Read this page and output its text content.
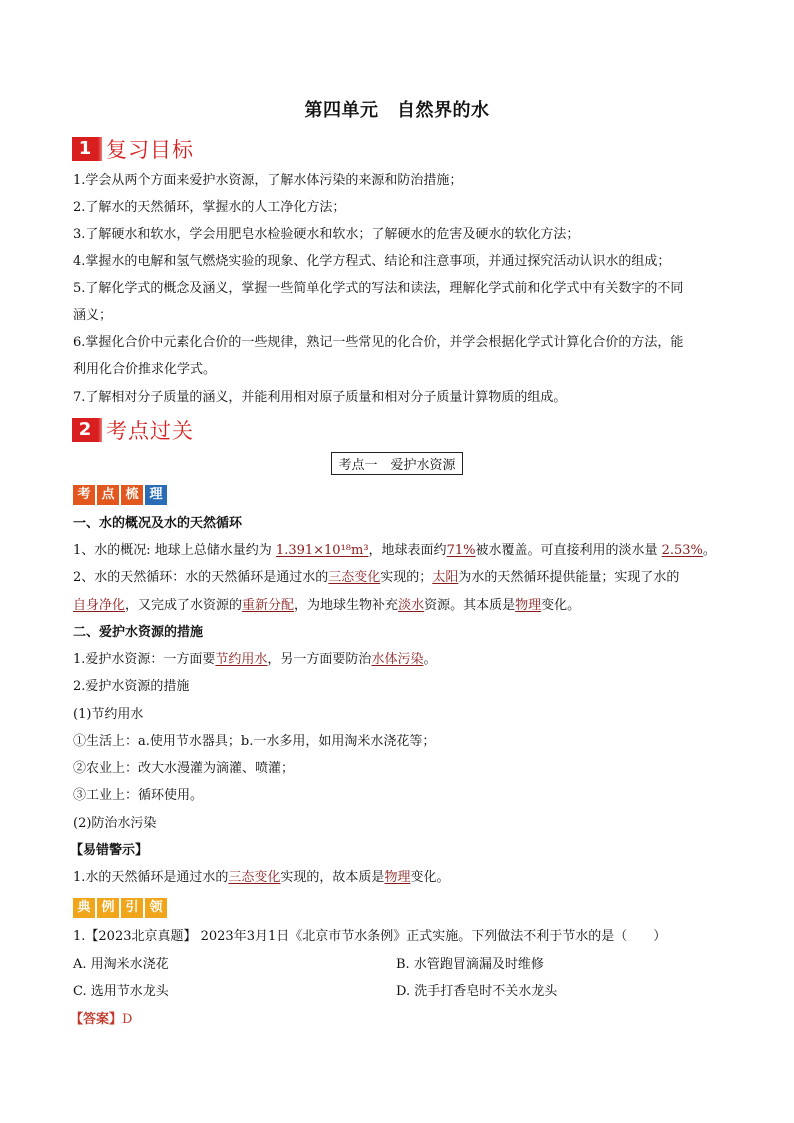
第四单元　自然界的水
1 复习目标
1.学会从两个方面来爱护水资源，了解水体污染的来源和防治措施；
2.了解水的天然循环，掌握水的人工净化方法；
3.了解硬水和软水，学会用肥皂水检验硬水和软水；了解硬水的危害及硬水的软化方法；
4.掌握水的电解和氢气燃烧实验的现象、化学方程式、结论和注意事项，并通过探究活动认识水的组成；
5.了解化学式的概念及涵义，掌握一些简单化学式的写法和读法，理解化学式前和化学式中有关数字的不同
涵义；
6.掌握化合价中元素化合价的一些规律，熟记一些常见的化合价，并学会根据化学式计算化合价的方法，能
利用化合价推求化学式。
7.了解相对分子质量的涵义，并能利用相对原子质量和相对分子质量计算物质的组成。
2 考点过关
考点一　爱护水资源
考 点 梳 理
一、水的概况及水的天然循环
1、水的概况: 地球上总储水量约为 1.391×10¹⁸m³，地球表面约71%被水覆盖。可直接利用的淡水量 2.53%。
2、水的天然循环：水的天然循环是通过水的三态变化实现的；太阳为水的天然循环提供能量；实现了水的
自身净化，又完成了水资源的重新分配，为地球生物补充淡水资源。其本质是物理变化。
二、爱护水资源的措施
1.爱护水资源：一方面要节约用水，另一方面要防治水体污染。
2.爱护水资源的措施
(1)节约用水
①生活上：a.使用节水器具；b.一水多用，如用淘米水浇花等；
②农业上：改大水漫灌为滴灌、喷灌；
③工业上：循环使用。
(2)防治水污染
【易错警示】
1.水的天然循环是通过水的三态变化实现的，故本质是物理变化。
典 例 引 领
1.【2023北京真题】 2023年3月1日《北京市节水条例》正式实施。下列做法不利于节水的是（　　）
A. 用淘米水浇花	B. 水管跑冒滴漏及时维修
C. 选用节水龙头	D. 洗手打香皂时不关水龙头
【答案】D
